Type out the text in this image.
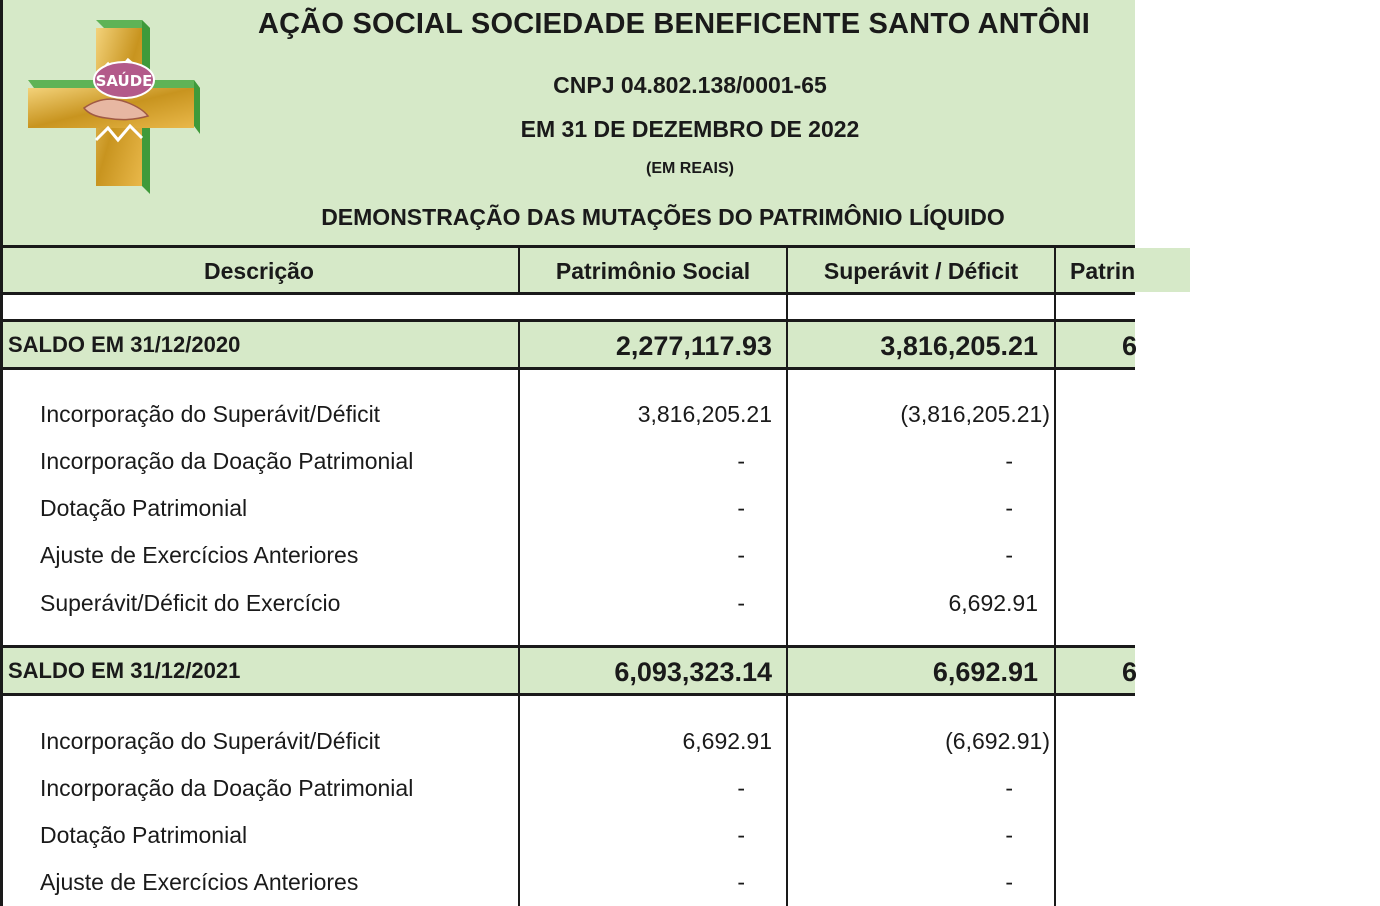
SAÚDE
AÇÃO SOCIAL SOCIEDADE BENEFICENTE SANTO ANTÔNI
CNPJ 04.802.138/0001-65
EM 31 DE DEZEMBRO DE 2022
(EM REAIS)
DEMONSTRAÇÃO DAS MUTAÇÕES DO PATRIMÔNIO LÍQUIDO
Descrição	Patrimônio Social	Superávit / Déficit	Patrin
SALDO EM 31/12/2020	2,277,117.93	3,816,205.21	6
Incorporação do Superávit/Déficit	3,816,205.21	(3,816,205.21)
Incorporação da Doação Patrimonial	-	-
Dotação Patrimonial	-	-
Ajuste de Exercícios Anteriores	-	-
Superávit/Déficit do Exercício	-	6,692.91
SALDO EM 31/12/2021	6,093,323.14	6,692.91	6
Incorporação do Superávit/Déficit	6,692.91	(6,692.91)
Incorporação da Doação Patrimonial	-	-
Dotação Patrimonial	-	-
Ajuste de Exercícios Anteriores	-	-
